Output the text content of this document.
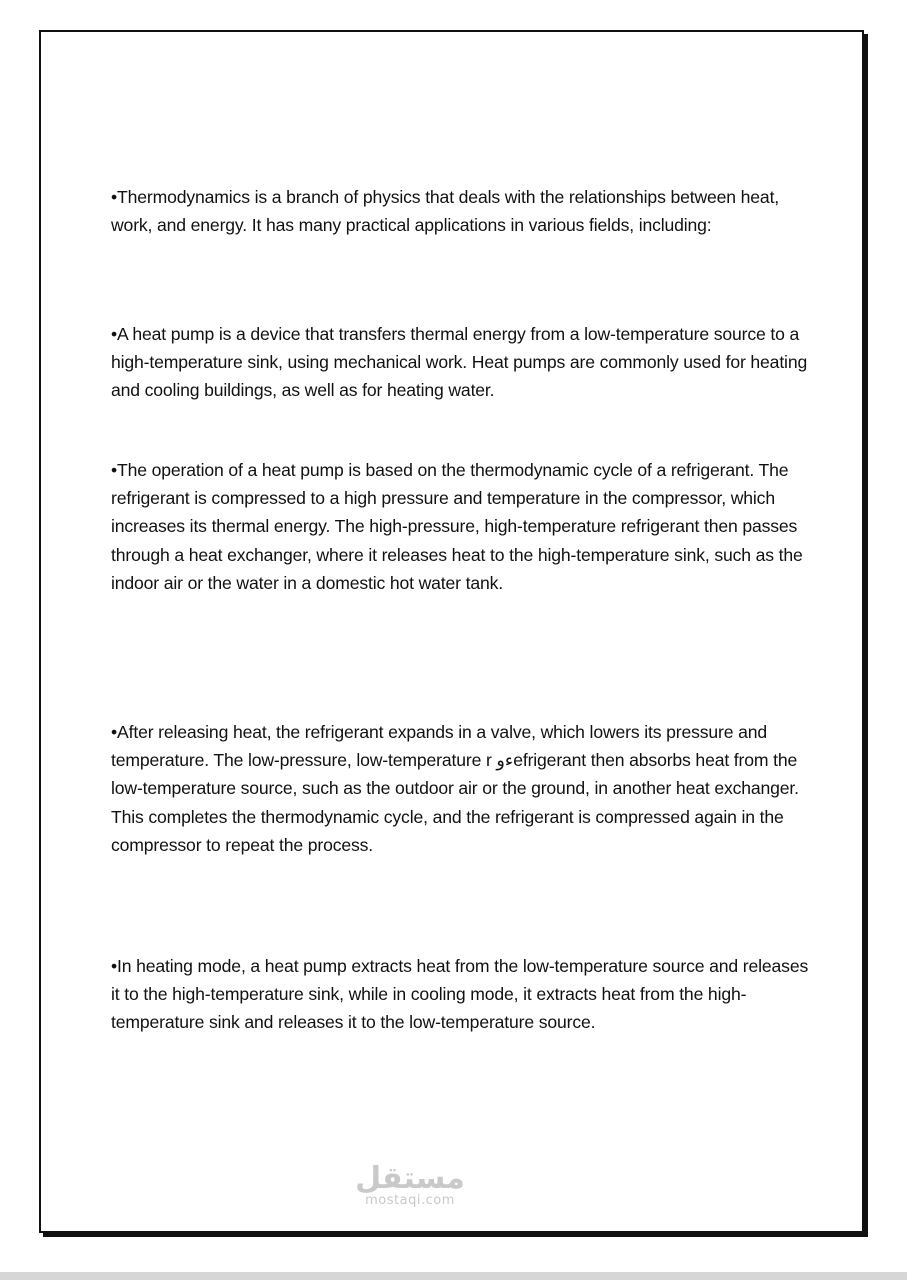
•Thermodynamics is a branch of physics that deals with the relationships between heat, work, and energy. It has many practical applications in various fields, including:

•A heat pump is a device that transfers thermal energy from a low-temperature source to a high-temperature sink, using mechanical work. Heat pumps are commonly used for heating and cooling buildings, as well as for heating water.

•The operation of a heat pump is based on the thermodynamic cycle of a refrigerant. The refrigerant is compressed to a high pressure and temperature in the compressor, which increases its thermal energy. The high-pressure, high-temperature refrigerant then passes through a heat exchanger, where it releases heat to the high-temperature sink, such as the indoor air or the water in a domestic hot water tank.

•After releasing heat, the refrigerant expands in a valve, which lowers its pressure and temperature. The low-pressure, low-temperature r ءوefrigerant then absorbs heat from the low-temperature source, such as the outdoor air or the ground, in another heat exchanger. This completes the thermodynamic cycle, and the refrigerant is compressed again in the compressor to repeat the process.

•In heating mode, a heat pump extracts heat from the low-temperature source and releases it to the high-temperature sink, while in cooling mode, it extracts heat from the high-temperature sink and releases it to the low-temperature source.

مستقل
mostaqi.com
